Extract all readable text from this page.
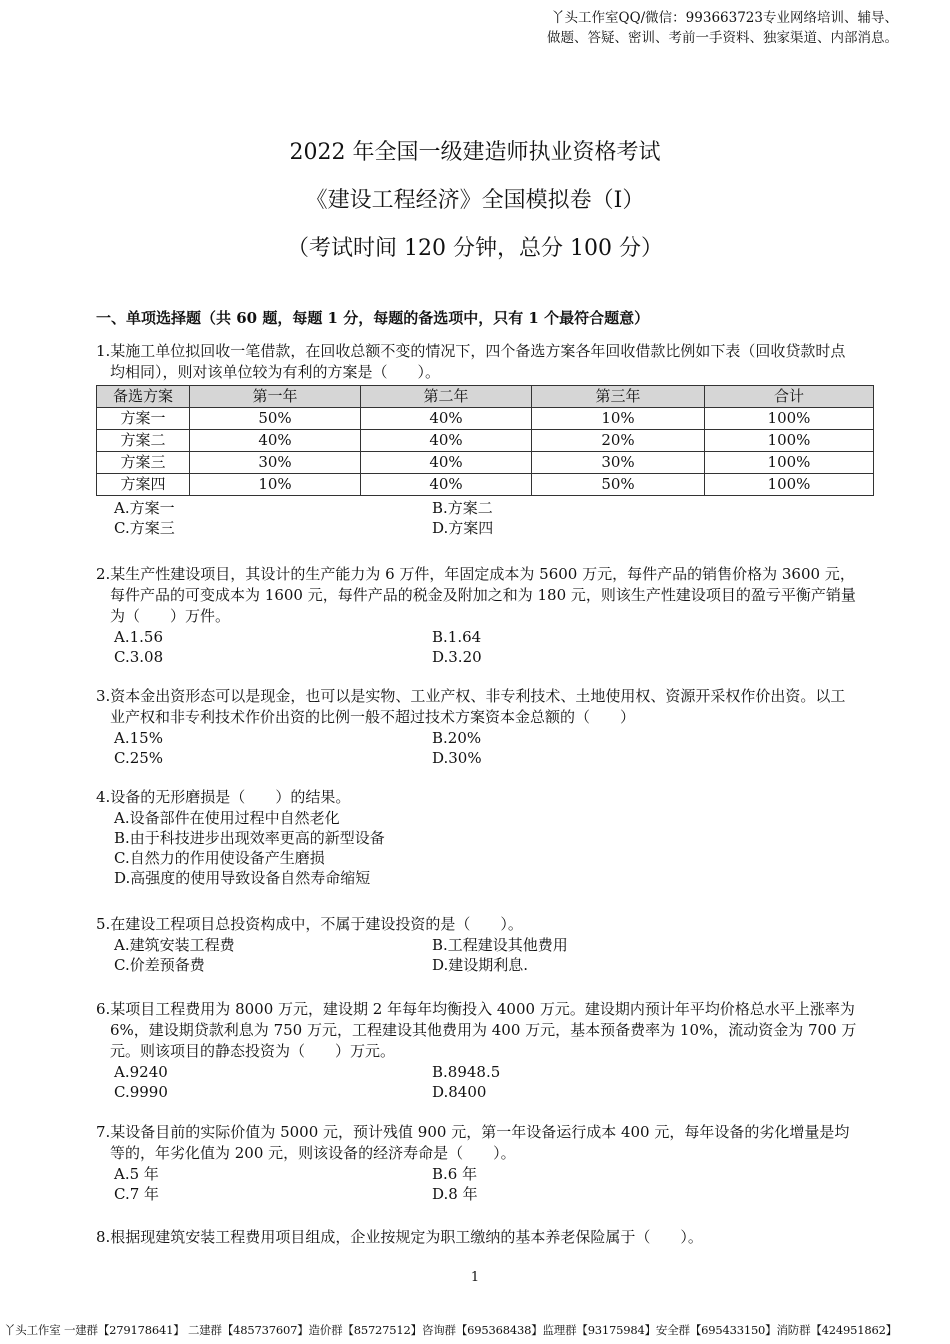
丫头工作室QQ/微信：993663723专业网络培训、辅导、
做题、答疑、密训、考前一手资料、独家渠道、内部消息。
2022 年全国一级建造师执业资格考试
《建设工程经济》全国模拟卷（I）
（考试时间 120 分钟，总分 100 分）
一、单项选择题（共 60 题，每题 1 分，每题的备选项中，只有 1 个最符合题意）

1.某施工单位拟回收一笔借款，在回收总额不变的情况下，四个备选方案各年回收借款比例如下表（回收贷款时点均相同），则对该单位较为有利的方案是（　　）。

备选方案	第一年	第二年	第三年	合计
方案一	50%	40%	10%	100%
方案二	40%	40%	20%	100%
方案三	30%	40%	30%	100%
方案四	10%	40%	50%	100%
A.方案一	B.方案二
C.方案三	D.方案四

2.某生产性建设项目，其设计的生产能力为 6 万件，年固定成本为 5600 万元，每件产品的销售价格为 3600 元，每件产品的可变成本为 1600 元，每件产品的税金及附加之和为 180 元，则该生产性建设项目的盈亏平衡产销量为（　　）万件。

A.1.56	B.1.64
C.3.08	D.3.20

3.资本金出资形态可以是现金，也可以是实物、工业产权、非专利技术、土地使用权、资源开采权作价出资。以工业产权和非专利技术作价出资的比例一般不超过技术方案资本金总额的（　　）

A.15%	B.20%
C.25%	D.30%

4.设备的无形磨损是（　　）的结果。

A.设备部件在使用过程中自然老化
B.由于科技进步出现效率更高的新型设备
C.自然力的作用使设备产生磨损
D.高强度的使用导致设备自然寿命缩短

5.在建设工程项目总投资构成中，不属于建设投资的是（　　）。

A.建筑安装工程费	B.工程建设其他费用
C.价差预备费	D.建设期利息.

6.某项目工程费用为 8000 万元，建设期 2 年每年均衡投入 4000 万元。建设期内预计年平均价格总水平上涨率为 6%，建设期贷款利息为 750 万元，工程建设其他费用为 400 万元，基本预备费率为 10%，流动资金为 700 万元。则该项目的静态投资为（　　）万元。

A.9240	B.8948.5
C.9990	D.8400

7.某设备目前的实际价值为 5000 元，预计残值 900 元，第一年设备运行成本 400 元，每年设备的劣化增量是均等的，年劣化值为 200 元，则该设备的经济寿命是（　　）。

A.5 年	B.6 年
C.7 年	D.8 年

8.根据现建筑安装工程费用项目组成，企业按规定为职工缴纳的基本养老保险属于（　　）。

1
丫头工作室 一建群【279178641】 二建群【485737607】造价群【85727512】咨询群【695368438】监理群【93175984】安全群【695433150】消防群【424951862】
